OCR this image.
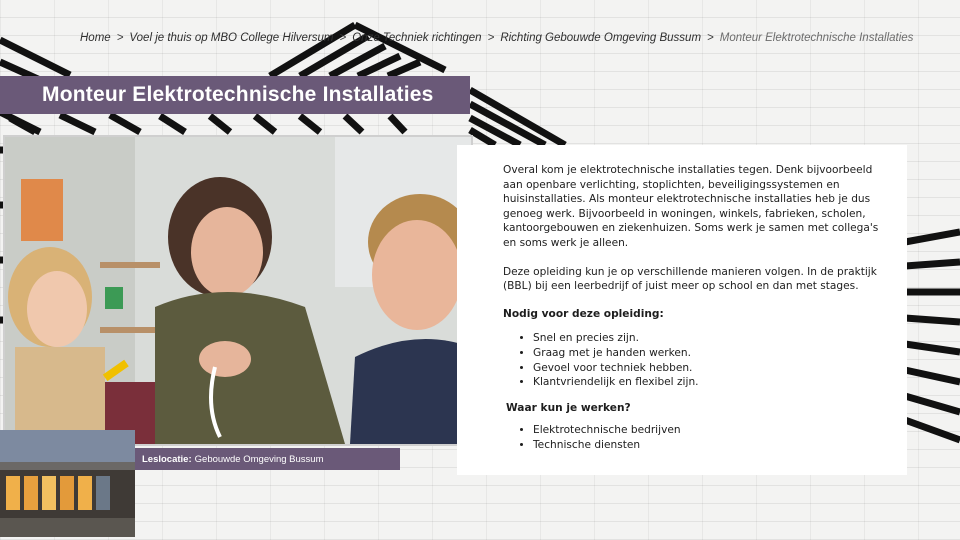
Home > Voel je thuis op MBO College Hilversum > Onze Techniek richtingen > Richting Gebouwde Omgeving Bussum > Monteur Elektrotechnische Installaties
Monteur Elektrotechnische Installaties
Leslocatie: Gebouwde Omgeving Bussum

Overal kom je elektrotechnische installaties tegen. Denk bijvoorbeeld aan openbare verlichting, stoplichten, beveiligingssystemen en huisinstallaties. Als monteur elektrotechnische installaties heb je dus genoeg werk. Bijvoorbeeld in woningen, winkels, fabrieken, scholen, kantoorgebouwen en ziekenhuizen. Soms werk je samen met collega's en soms werk je alleen.

Deze opleiding kun je op verschillende manieren volgen. In de praktijk (BBL) bij een leerbedrijf of juist meer op school en dan met stages.

Nodig voor deze opleiding:
• Snel en precies zijn.
• Graag met je handen werken.
• Gevoel voor techniek hebben.
• Klantvriendelijk en flexibel zijn.
Waar kun je werken?
• Elektrotechnische bedrijven
• Technische diensten
